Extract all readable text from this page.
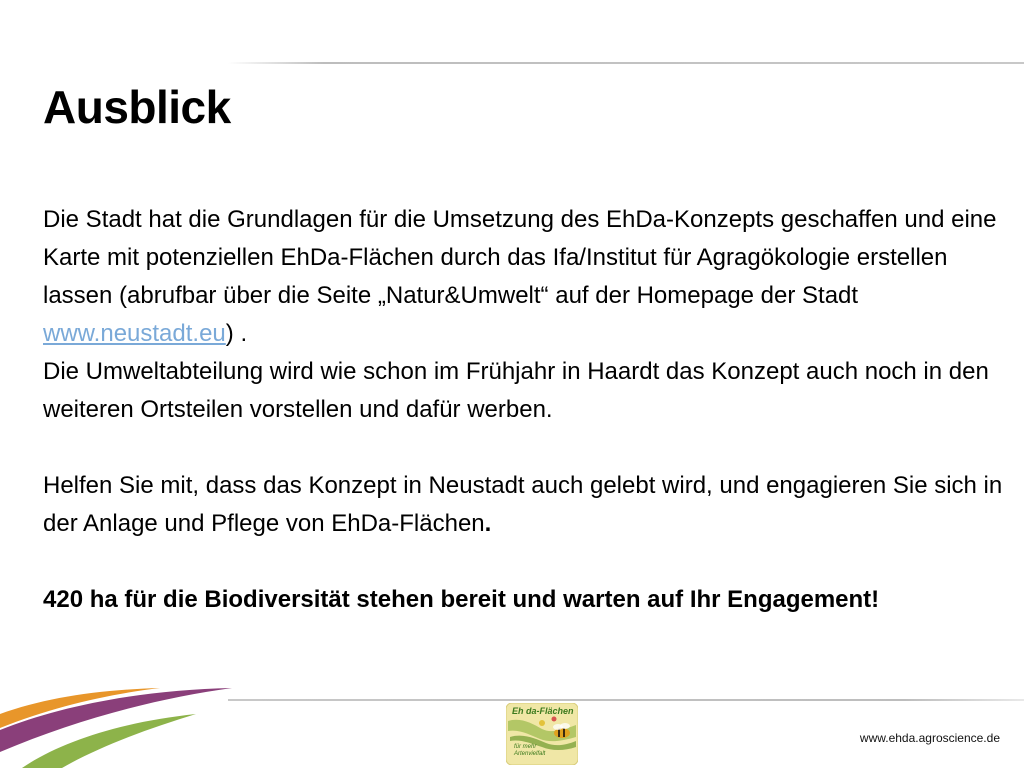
Ausblick

Die Stadt hat die Grundlagen für die Umsetzung des EhDa-Konzepts geschaffen und eine Karte mit potenziellen EhDa-Flächen durch das Ifa/Institut für Agragökologie erstellen lassen (abrufbar über die Seite „Natur&Umwelt“ auf der Homepage der Stadt www.neustadt.eu) .

Die Umweltabteilung wird wie schon im Frühjahr in Haardt das Konzept auch noch in den weiteren Ortsteilen vorstellen und dafür werben.

Helfen Sie mit, dass das Konzept in Neustadt auch gelebt wird, und engagieren Sie sich in der Anlage und Pflege von EhDa-Flächen.

420 ha für die Biodiversität stehen bereit und warten auf Ihr Engagement!

Eh da-Flächen
für mehr Artenvielfalt
www.ehda.agroscience.de
